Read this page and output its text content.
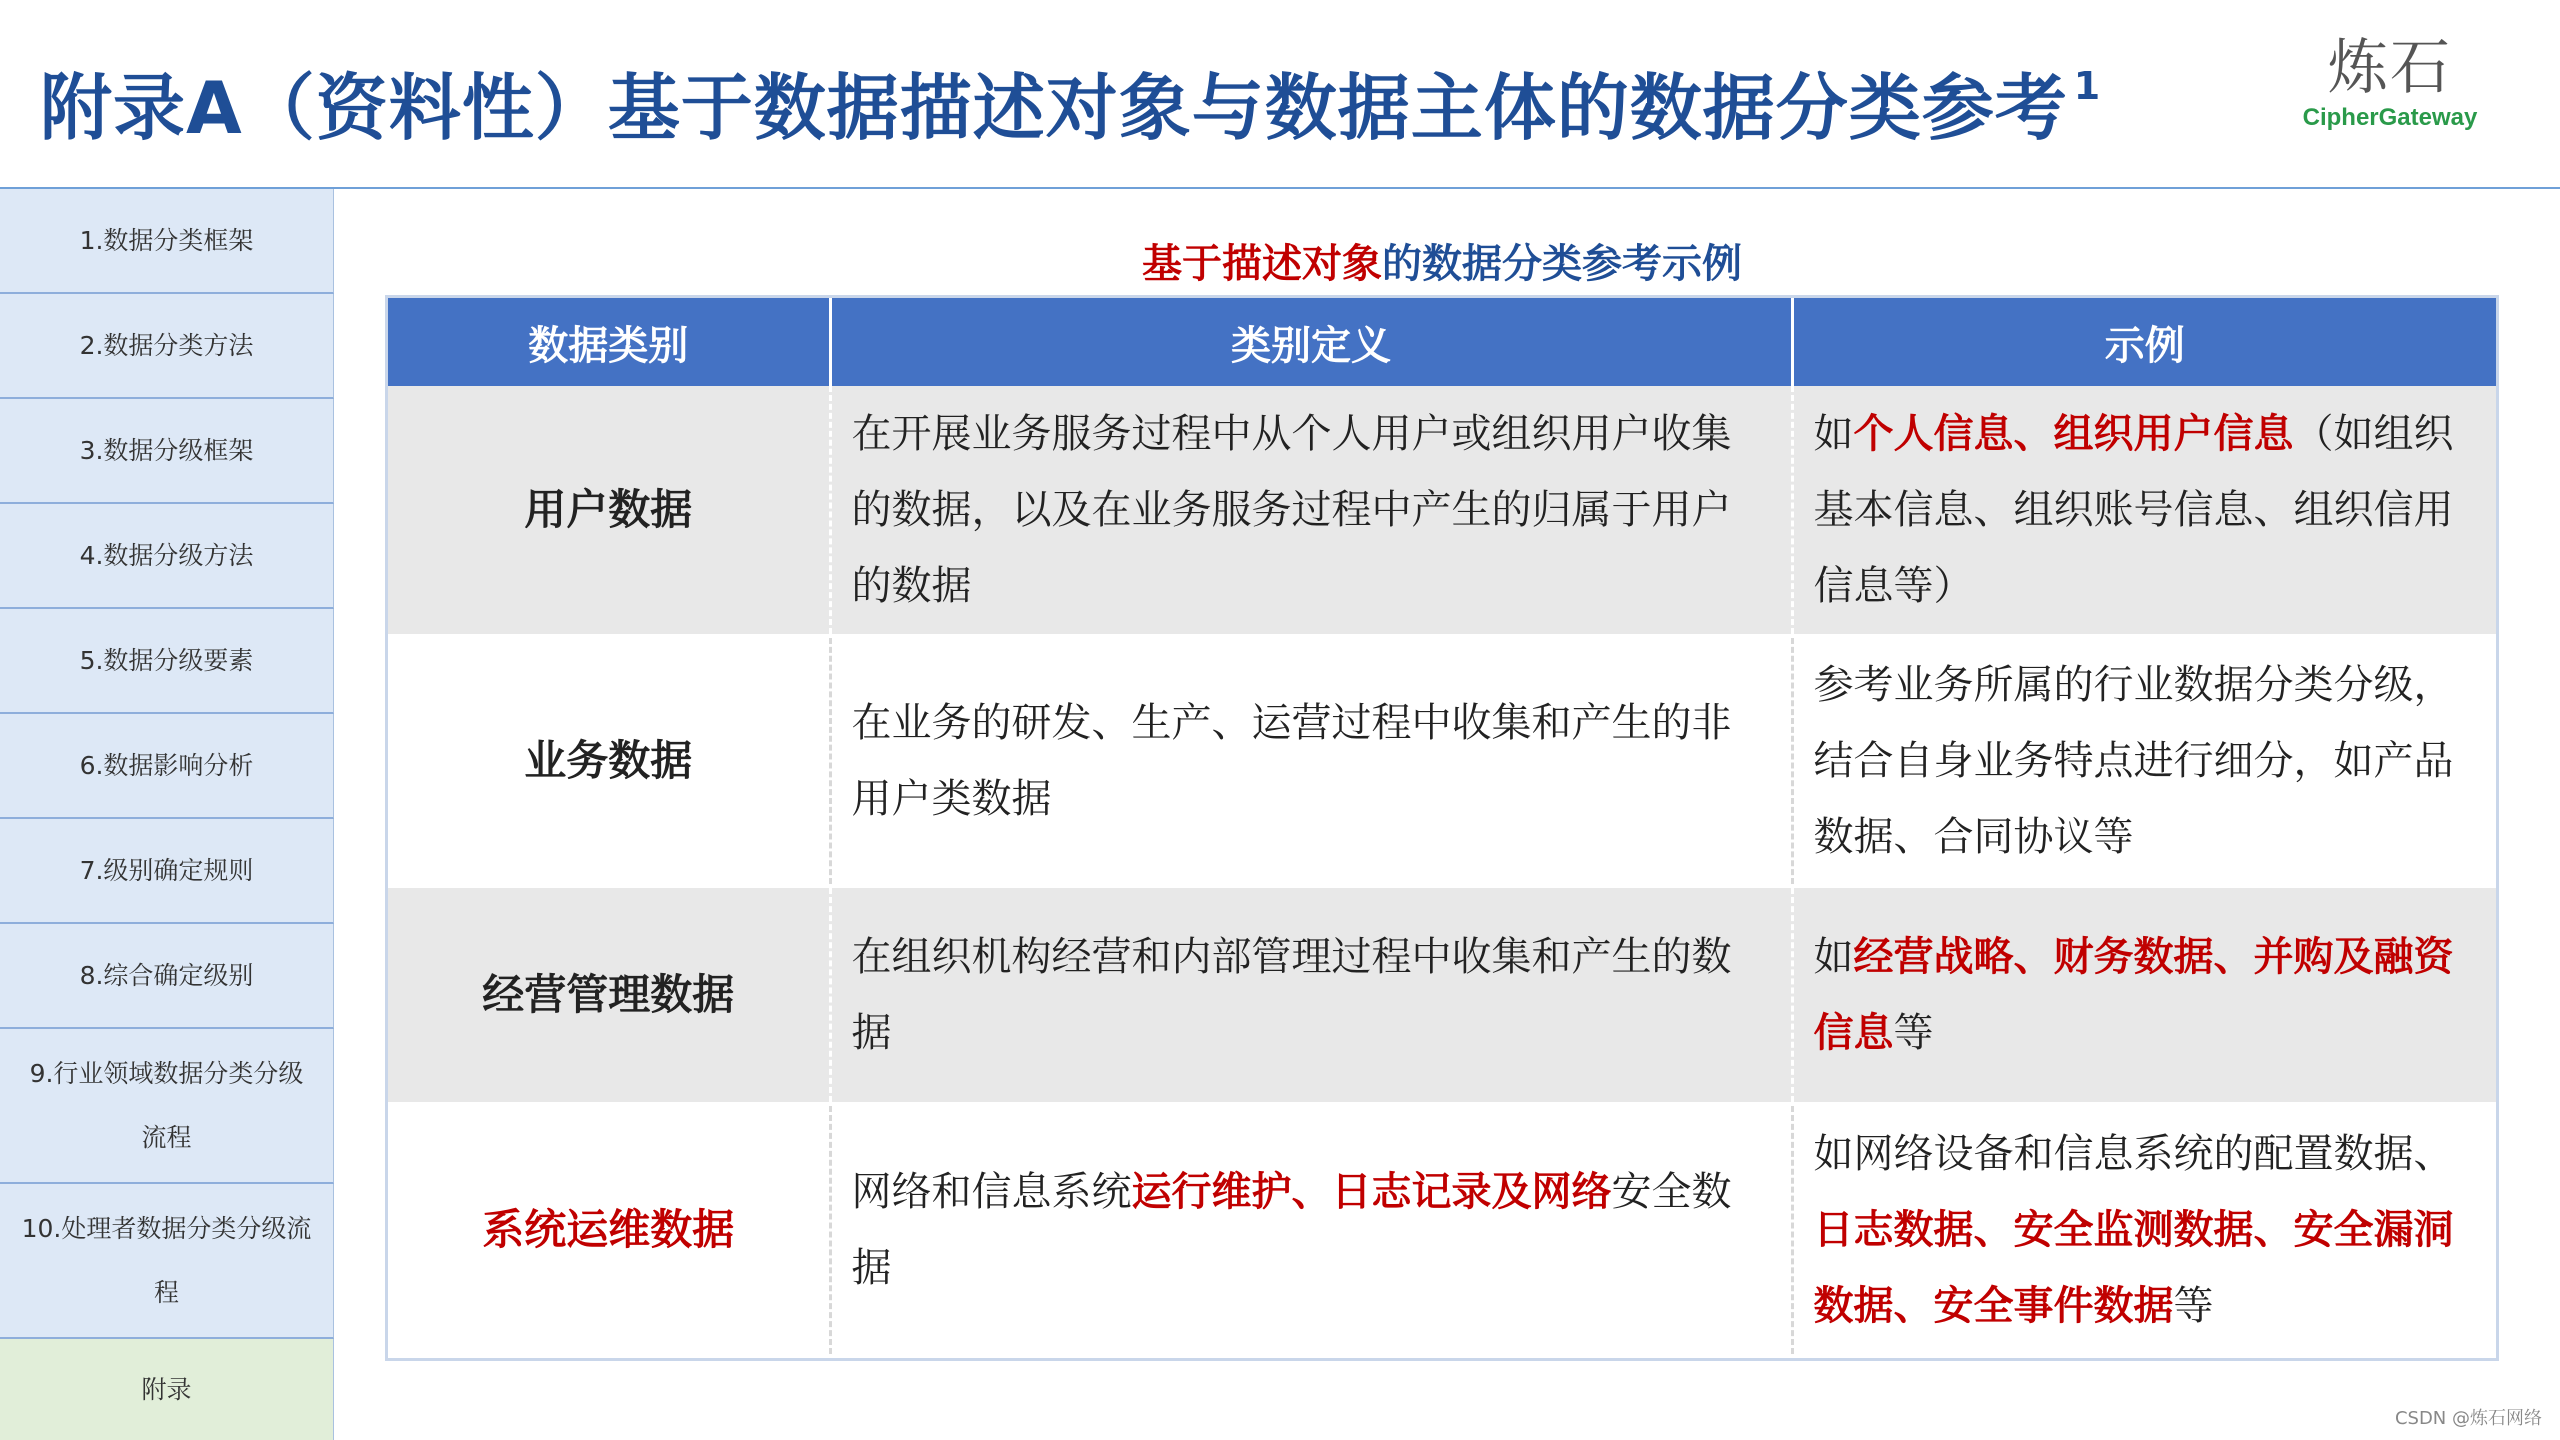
附录A（资料性）基于数据描述对象与数据主体的数据分类参考 $^1$	炼石
CipherGateway
1.数据分类框架
2.数据分类方法
3.数据分级框架
4.数据分级方法
5.数据分级要素
6.数据影响分析
7.级别确定规则
8.综合确定级别
9.行业领域数据分类分级流程
10.处理者数据分类分级流程
附录
基于描述对象的数据分类参考示例
数据类别	类别定义	示例
用户数据	在开展业务服务过程中从个人用户或组织用户收集的数据，以及在业务服务过程中产生的归属于用户的数据	如个人信息、组织用户信息（如组织基本信息、组织账号信息、组织信用信息等）
业务数据	在业务的研发、生产、运营过程中收集和产生的非用户类数据	参考业务所属的行业数据分类分级，结合自身业务特点进行细分，如产品数据、合同协议等
经营管理数据	在组织机构经营和内部管理过程中收集和产生的数据	如经营战略、财务数据、并购及融资信息等
系统运维数据	网络和信息系统运行维护、日志记录及网络安全数据	如网络设备和信息系统的配置数据、日志数据、安全监测数据、安全漏洞数据、安全事件数据等
CSDN @炼石网络
